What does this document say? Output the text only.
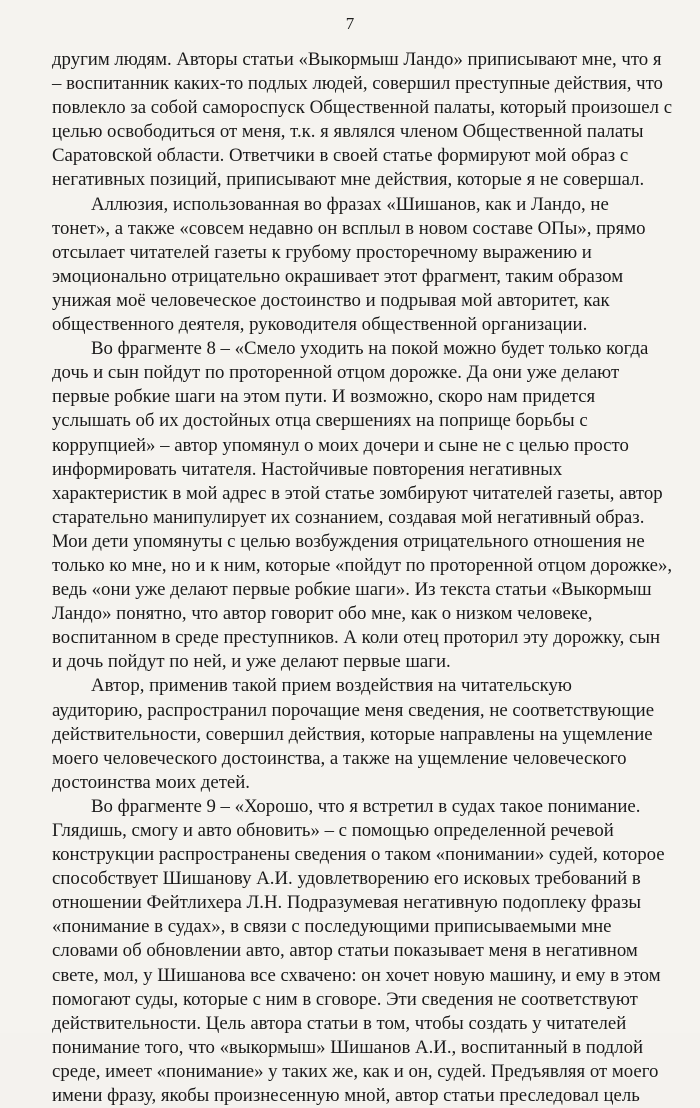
7
другим людям. Авторы статьи «Выкормыш Ландо» приписывают мне, что я
– воспитанник каких-то подлых людей, совершил преступные действия, что
повлекло за собой самороспуск Общественной палаты, который произошел с
целью освободиться от меня, т.к. я являлся членом Общественной палаты
Саратовской области. Ответчики в своей статье формируют мой образ с
негативных позиций, приписывают мне действия, которые я не совершал.
Аллюзия, использованная во фразах «Шишанов, как и Ландо, не
тонет», а также «совсем недавно он всплыл в новом составе ОПы», прямо
отсылает читателей газеты к грубому просторечному выражению и
эмоционально отрицательно окрашивает этот фрагмент, таким образом
унижая моё человеческое достоинство и подрывая мой авторитет, как
общественного деятеля, руководителя общественной организации.
Во фрагменте 8 – «Смело уходить на покой можно будет только когда
дочь и сын пойдут по проторенной отцом дорожке. Да они уже делают
первые робкие шаги на этом пути. И возможно, скоро нам придется
услышать об их достойных отца свершениях на поприще борьбы с
коррупцией» – автор упомянул о моих дочери и сыне не с целью просто
информировать читателя. Настойчивые повторения негативных
характеристик в мой адрес в этой статье зомбируют читателей газеты, автор
старательно манипулирует их сознанием, создавая мой негативный образ.
Мои дети упомянуты с целью возбуждения отрицательного отношения не
только ко мне, но и к ним, которые «пойдут по проторенной отцом дорожке»,
ведь «они уже делают первые робкие шаги». Из текста статьи «Выкормыш
Ландо» понятно, что автор говорит обо мне, как о низком человеке,
воспитанном в среде преступников. А коли отец проторил эту дорожку, сын
и дочь пойдут по ней, и уже делают первые шаги.
Автор, применив такой прием воздействия на читательскую
аудиторию, распространил порочащие меня сведения, не соответствующие
действительности, совершил действия, которые направлены на ущемление
моего человеческого достоинства, а также на ущемление человеческого
достоинства моих детей.
Во фрагменте 9 – «Хорошо, что я встретил в судах такое понимание.
Глядишь, смогу и авто обновить» – с помощью определенной речевой
конструкции распространены сведения о таком «понимании» судей, которое
способствует Шишанову А.И. удовлетворению его исковых требований в
отношении Фейтлихера Л.Н. Подразумевая негативную подоплеку фразы
«понимание в судах», в связи с последующими приписываемыми мне
словами об обновлении авто, автор статьи показывает меня в негативном
свете, мол, у Шишанова все схвачено: он хочет новую машину, и ему в этом
помогают суды, которые с ним в сговоре. Эти сведения не соответствуют
действительности. Цель автора статьи в том, чтобы создать у читателей
понимание того, что «выкормыш» Шишанов А.И., воспитанный в подлой
среде, имеет «понимание» у таких же, как и он, судей. Предъявляя от моего
имени фразу, якобы произнесенную мной, автор статьи преследовал цель
